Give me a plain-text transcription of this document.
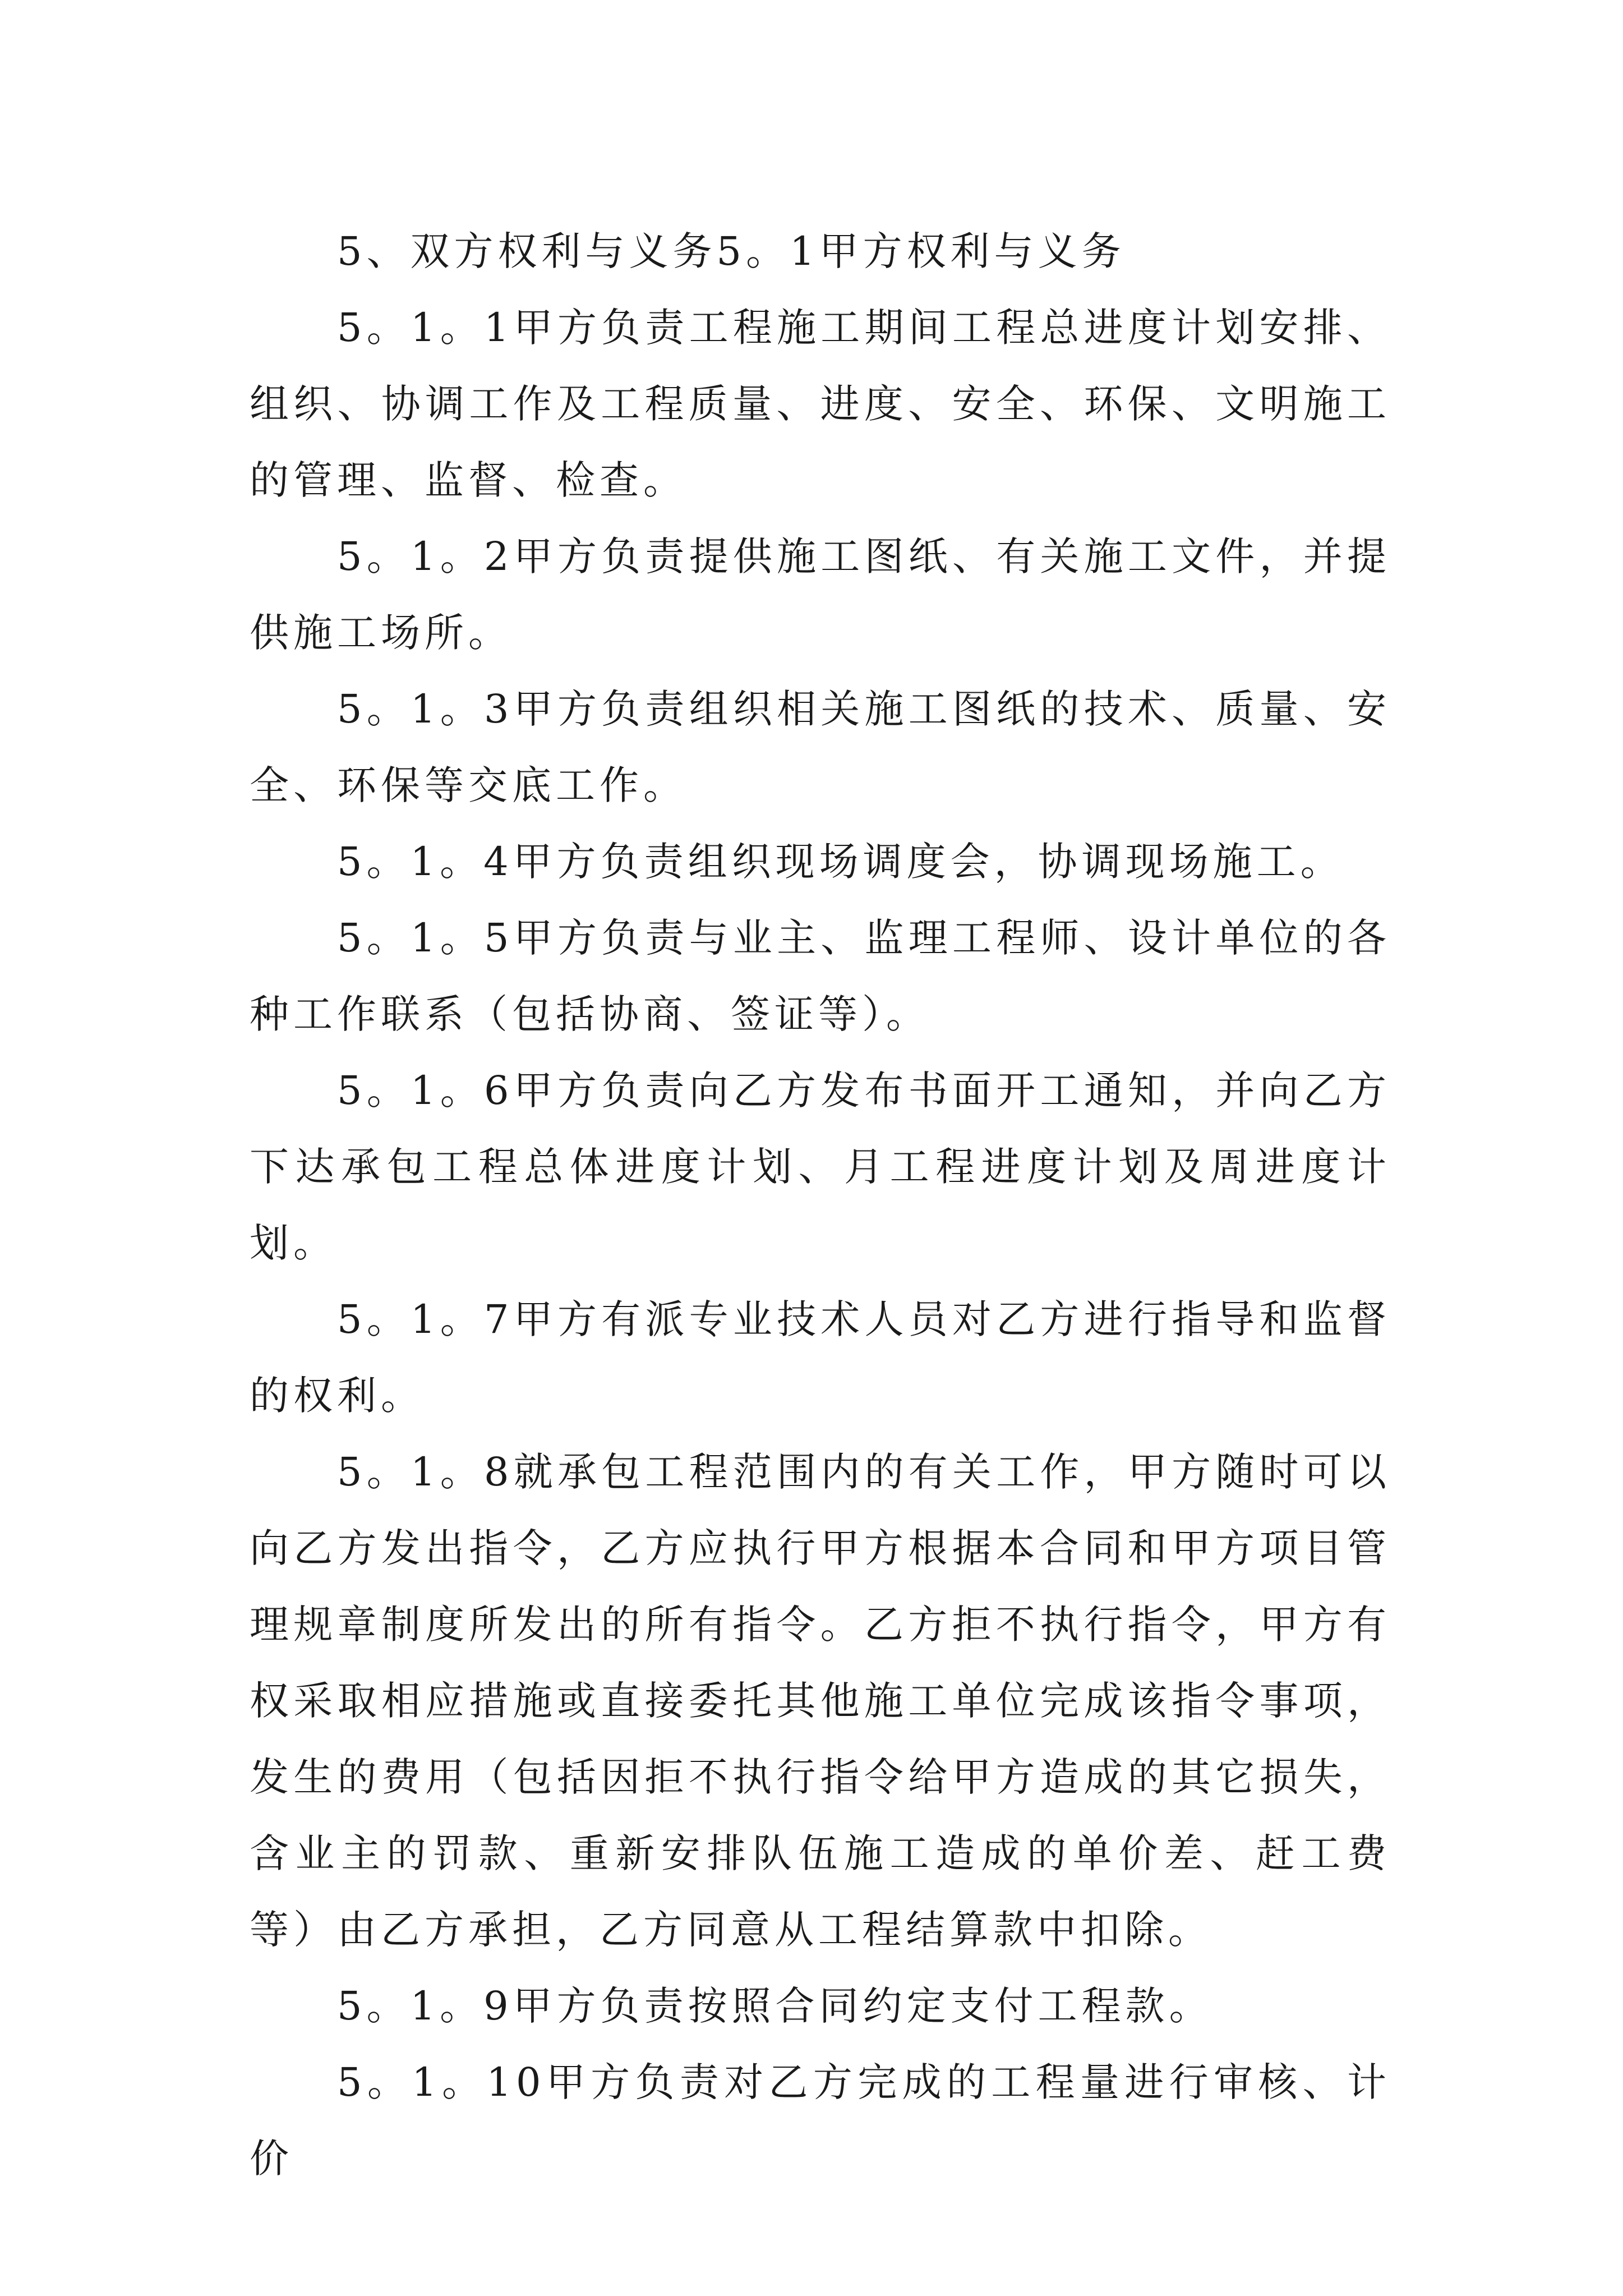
5、双方权利与义务5。1甲方权利与义务

5。1。1甲方负责工程施工期间工程总进度计划安排、组织、协调工作及工程质量、进度、安全、环保、文明施工的管理、监督、检查。

5。1。2甲方负责提供施工图纸、有关施工文件，并提供施工场所。

5。1。3甲方负责组织相关施工图纸的技术、质量、安全、环保等交底工作。

5。1。4甲方负责组织现场调度会，协调现场施工。

5。1。5甲方负责与业主、监理工程师、设计单位的各种工作联系（包括协商、签证等）。

5。1。6甲方负责向乙方发布书面开工通知，并向乙方下达承包工程总体进度计划、月工程进度计划及周进度计划。

5。1。7甲方有派专业技术人员对乙方进行指导和监督的权利。

5。1。8就承包工程范围内的有关工作，甲方随时可以向乙方发出指令，乙方应执行甲方根据本合同和甲方项目管理规章制度所发出的所有指令。乙方拒不执行指令，甲方有权采取相应措施或直接委托其他施工单位完成该指令事项，发生的费用（包括因拒不执行指令给甲方造成的其它损失，含业主的罚款、重新安排队伍施工造成的单价差、赶工费等）由乙方承担，乙方同意从工程结算款中扣除。

5。1。9甲方负责按照合同约定支付工程款。

5。1。10甲方负责对乙方完成的工程量进行审核、计价
